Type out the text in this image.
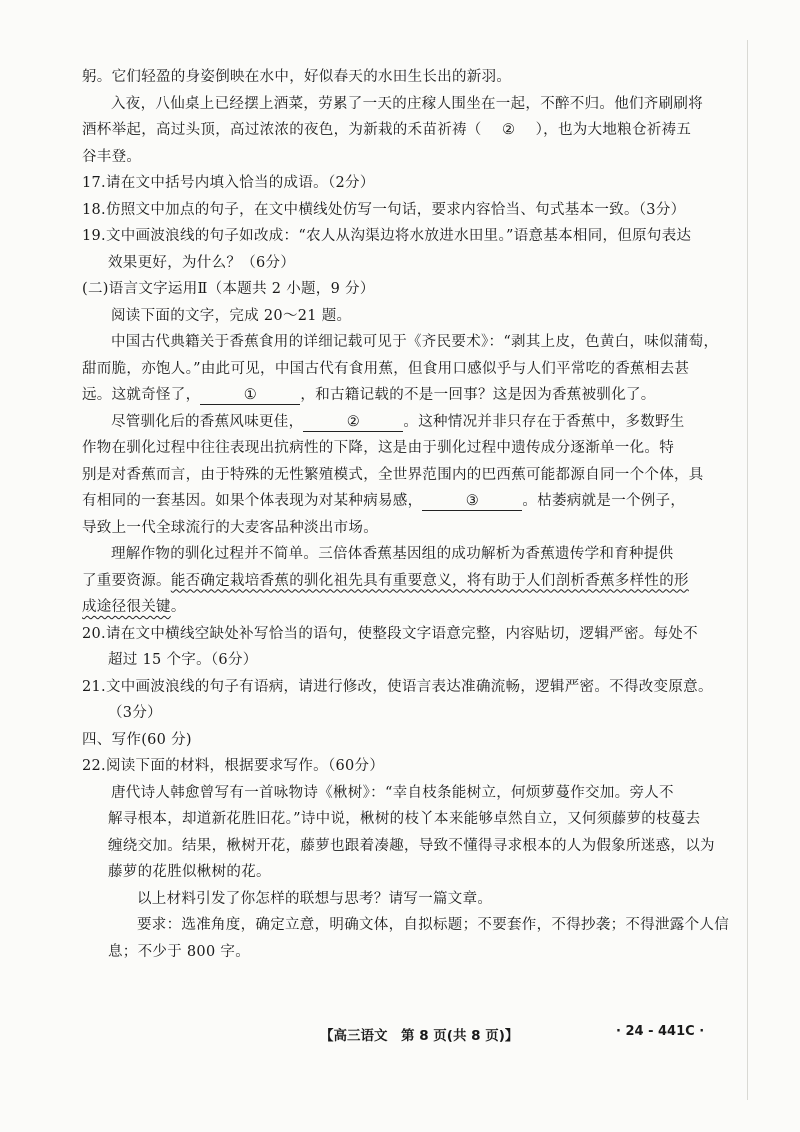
躬。它们轻盈的身姿倒映在水中，好似春天的水田生长出的新羽。
入夜，八仙桌上已经摆上酒菜，劳累了一天的庄稼人围坐在一起，不醉不归。他们齐刷刷将
酒杯举起，高过头顶，高过浓浓的夜色，为新栽的禾苗祈祷（ ② ），也为大地粮仓祈祷五
谷丰登。
17.请在文中括号内填入恰当的成语。（2分）
18.仿照文中加点的句子，在文中横线处仿写一句话，要求内容恰当、句式基本一致。（3分）
19.文中画波浪线的句子如改成：“农人从沟渠边将水放进水田里。”语意基本相同，但原句表达
效果更好，为什么？（6分）
(二)语言文字运用Ⅱ（本题共 2 小题，9 分）
阅读下面的文字，完成 20～21 题。
中国古代典籍关于香蕉食用的详细记载可见于《齐民要术》：“剥其上皮，色黄白，味似蒲萄，
甜而脆，亦饱人。”由此可见，中国古代有食用蕉，但食用口感似乎与人们平常吃的香蕉相去甚
远。这就奇怪了，	①	，和古籍记载的不是一回事？这是因为香蕉被驯化了。
尽管驯化后的香蕉风味更佳，	②	。这种情况并非只存在于香蕉中，多数野生
作物在驯化过程中往往表现出抗病性的下降，这是由于驯化过程中遗传成分逐渐单一化。特
别是对香蕉而言，由于特殊的无性繁殖模式，全世界范围内的巴西蕉可能都源自同一个个体，具
有相同的一套基因。如果个体表现为对某种病易感，	③	。枯萎病就是一个例子，
导致上一代全球流行的大麦客品种淡出市场。
理解作物的驯化过程并不简单。三倍体香蕉基因组的成功解析为香蕉遗传学和育种提供
了重要资源。能否确定栽培香蕉的驯化祖先具有重要意义，将有助于人们剖析香蕉多样性的形
成途径很关键。
20.请在文中横线空缺处补写恰当的语句，使整段文字语意完整，内容贴切，逻辑严密。每处不
超过 15 个字。（6分）
21.文中画波浪线的句子有语病，请进行修改，使语言表达准确流畅，逻辑严密。不得改变原意。
（3分）
四、写作(60 分)
22.阅读下面的材料，根据要求写作。（60分）
唐代诗人韩愈曾写有一首咏物诗《楸树》：“幸自枝条能树立，何烦萝蔓作交加。旁人不
解寻根本，却道新花胜旧花。”诗中说，楸树的枝丫本来能够卓然自立，又何须藤萝的枝蔓去
缠绕交加。结果，楸树开花，藤萝也跟着凑趣，导致不懂得寻求根本的人为假象所迷惑，以为
藤萝的花胜似楸树的花。
以上材料引发了你怎样的联想与思考？请写一篇文章。
要求：选准角度，确定立意，明确文体，自拟标题；不要套作，不得抄袭；不得泄露个人信
息；不少于 800 字。
【高三语文　第 8 页(共 8 页)】	· 24 - 441C ·
